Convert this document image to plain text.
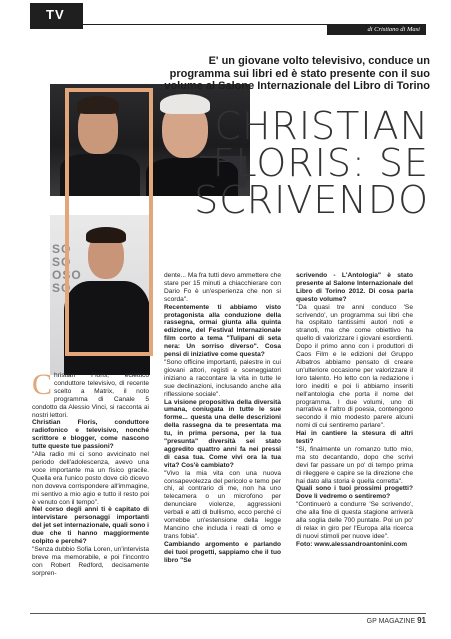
TV
di Cristiano di Masi
SO
SO
OSO
SO
E' un giovane volto televisivo, conduce un programma sui libri ed è stato presente con il suo volume al Salone Internazionale del Libro di Torino
CHRISTIAN FLORIS: SE SCRIVENDO

Christian Floris, eclettico conduttore televisivo, di recente scelto a Matrix, il noto programma di Canale 5 condotto da Alessio Vinci, si racconta ai nostri lettori.

Christian Floris, conduttore radiofonico e televisivo, nonché scrittore e blogger, come nascono tutte queste tue passioni?

"Alla radio mi ci sono avvicinato nel periodo dell'adolescenza, avevo una voce importante ma un fisico gracile. Quella era l'unico posto dove ciò dicevo non doveva corrispondere all'immagine, mi sentivo a mio agio e tutto il resto poi è venuto con il tempo".

Nel corso degli anni ti è capitato di intervistare personaggi importanti del jet set internazionale, quali sono i due che ti hanno maggiormente colpito e perché?

"Senza dubbio Sofia Loren, un'intervista breve ma memorabile, e poi l'incontro con Robert Redford, decisamente sorpren-

dente... Ma fra tutti devo ammettere che stare per 15 minuti a chiacchierare con Dario Fo è un'esperienza che non si scorda".

Recentemente ti abbiamo visto protagonista alla conduzione della rassegna, ormai giunta alla quinta edizione, del Festival Internazionale film corto a tema "Tulipani di seta nera: Un sorriso diverso". Cosa pensi di iniziative come questa?

"Sono officine importanti, palestre in cui giovani attori, registi e sceneggiatori iniziano a raccontare la vita in tutte le sue declinazioni, inclusando anche alla riflessione sociale".

La visione propositiva della diversità umana, coniugata in tutte le sue forme... questa una delle descrizioni della rassegna da te presentata ma tu, in prima persona, per la tua "presunta" diversità sei stato aggredito quattro anni fa nei pressi di casa tua. Come vivi ora la tua vita? Cos'è cambiato?

"Vivo la mia vita con una nuova consapevolezza del pericolo e temo per chi, al contrario di me, non ha uno telecamera o un microfono per denunciare violenze, aggressioni verbali e atti di bullismo, ecco perché ci vorrebbe un'estensione della legge Mancino che includa i reati di omo e trans fobia".

Cambiando argomento e parlando dei tuoi progetti, sappiamo che il tuo libro "Se

scrivendo - L'Antologia" è stato presente al Salone Internazionale del Libro di Torino 2012. Di cosa parla questo volume?

"Da quasi tre anni conduco 'Se scrivendo', un programma sui libri che ha ospitato tantissimi autori noti e stranoti, ma che come obiettivo ha quello di valorizzare i giovani esordienti. Dopo il primo anno con i produttori di Caos Film e le edizioni del Gruppo Albatros abbiamo pensato di creare un'ulteriore occasione per valorizzare il loro talento. Ho letto con la redazione i loro inediti e poi li abbiamo inseriti nell'antologia che porta il nome del programma. I due volumi, uno di narrativa e l'altro di poesia, contengono secondo il mio modesto parere alcuni nomi di cui sentiremo parlare".

Hai in cantiere la stesura di altri testi?

"Sì, finalmente un romanzo tutto mio, ma sto decantando, dopo che scrivi devi far passare un po' di tempo prima di rileggere e capire se la direzione che hai dato alla storia è quella corretta".

Quali sono i tuoi prossimi progetti? Dove li vedremo o sentiremo?

"Continuerò a condurre 'Se scrivendo', che alla fine di questa stagione arriverà alla soglia delle 700 puntate. Poi un po' di relax in giro per l'Europa alla ricerca di nuovi stimoli per nuove idee".

Foto: www.alessandroantonini.com

GP MAGAZINE 91
